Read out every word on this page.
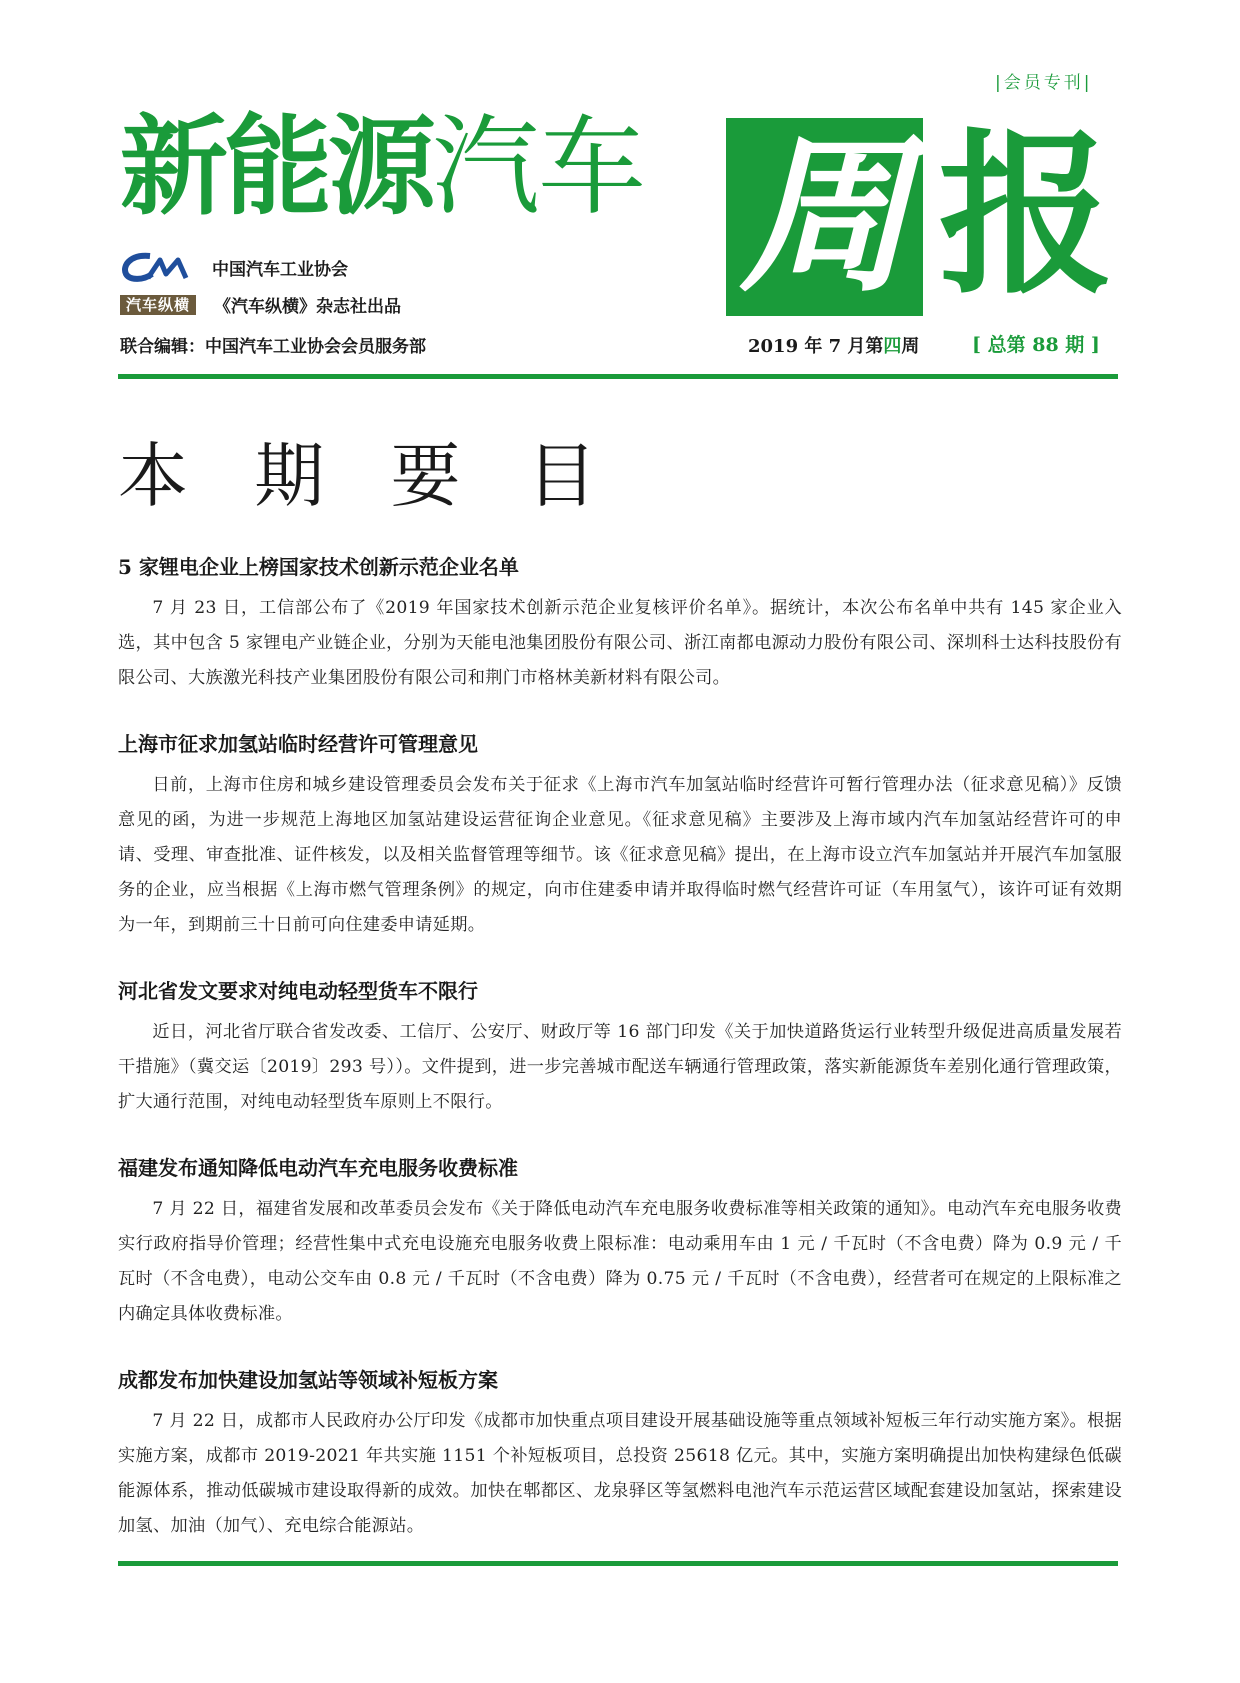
|会员专刊|
新能源汽车 周 报
CAAM
中国汽车工业协会
汽车纵横	《汽车纵横》杂志社出品
联合编辑：中国汽车工业协会会员服务部	2019 年 7 月第四周	[ 总第 88 期 ]
本 期 要 目
5 家锂电企业上榜国家技术创新示范企业名单

7 月 23 日，工信部公布了《2019 年国家技术创新示范企业复核评价名单》。据统计，本次公布名单中共有 145 家企业入选，其中包含 5 家锂电产业链企业，分别为天能电池集团股份有限公司、浙江南都电源动力股份有限公司、深圳科士达科技股份有限公司、大族激光科技产业集团股份有限公司和荆门市格林美新材料有限公司。

上海市征求加氢站临时经营许可管理意见

日前，上海市住房和城乡建设管理委员会发布关于征求《上海市汽车加氢站临时经营许可暂行管理办法（征求意见稿）》反馈意见的函，为进一步规范上海地区加氢站建设运营征询企业意见。《征求意见稿》主要涉及上海市域内汽车加氢站经营许可的申请、受理、审查批准、证件核发，以及相关监督管理等细节。该《征求意见稿》提出，在上海市设立汽车加氢站并开展汽车加氢服务的企业，应当根据《上海市燃气管理条例》的规定，向市住建委申请并取得临时燃气经营许可证（车用氢气），该许可证有效期为一年，到期前三十日前可向住建委申请延期。

河北省发文要求对纯电动轻型货车不限行

近日，河北省厅联合省发改委、工信厅、公安厅、财政厅等 16 部门印发《关于加快道路货运行业转型升级促进高质量发展若干措施》（冀交运〔2019〕293 号））。文件提到，进一步完善城市配送车辆通行管理政策，落实新能源货车差别化通行管理政策，扩大通行范围，对纯电动轻型货车原则上不限行。

福建发布通知降低电动汽车充电服务收费标准

7 月 22 日，福建省发展和改革委员会发布《关于降低电动汽车充电服务收费标准等相关政策的通知》。电动汽车充电服务收费实行政府指导价管理；经营性集中式充电设施充电服务收费上限标准：电动乘用车由 1 元 / 千瓦时（不含电费）降为 0.9 元 / 千瓦时（不含电费），电动公交车由 0.8 元 / 千瓦时（不含电费）降为 0.75 元 / 千瓦时（不含电费），经营者可在规定的上限标准之内确定具体收费标准。

成都发布加快建设加氢站等领域补短板方案

7 月 22 日，成都市人民政府办公厅印发《成都市加快重点项目建设开展基础设施等重点领域补短板三年行动实施方案》。根据实施方案，成都市 2019-2021 年共实施 1151 个补短板项目，总投资 25618 亿元。其中，实施方案明确提出加快构建绿色低碳能源体系，推动低碳城市建设取得新的成效。加快在郫都区、龙泉驿区等氢燃料电池汽车示范运营区域配套建设加氢站，探索建设加氢、加油（加气）、充电综合能源站。
